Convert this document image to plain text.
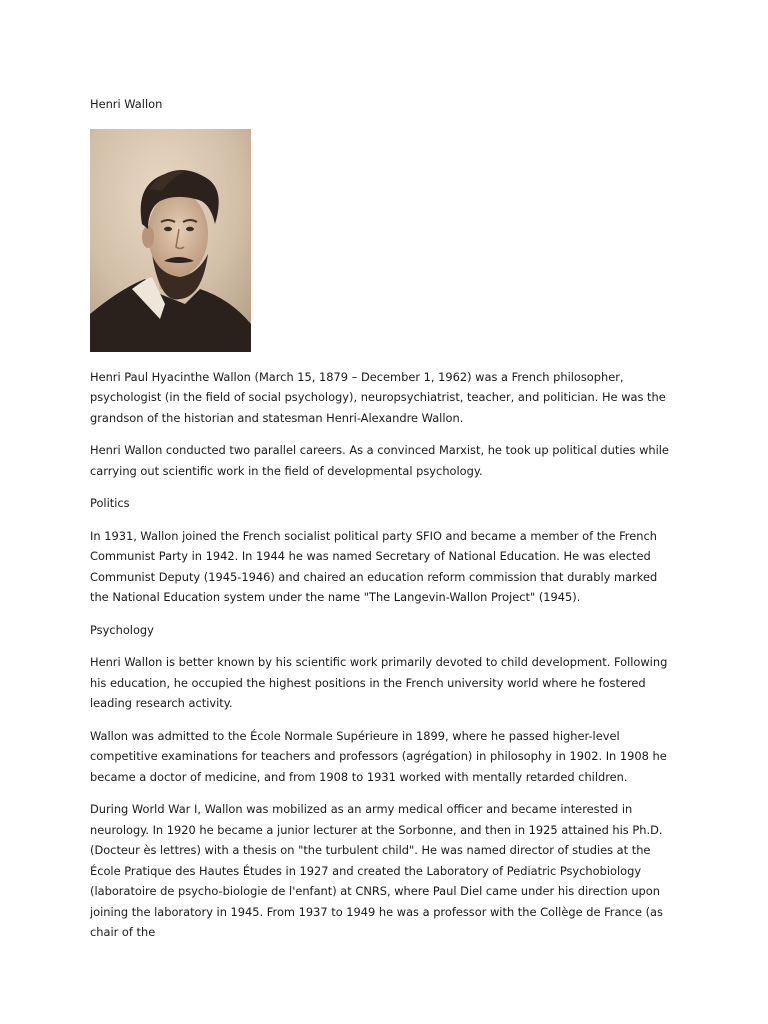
Henri Wallon

Henri Paul Hyacinthe Wallon (March 15, 1879 – December 1, 1962) was a French philosopher, psychologist (in the field of social psychology), neuropsychiatrist, teacher, and politician. He was the grandson of the historian and statesman Henri-Alexandre Wallon.

Henri Wallon conducted two parallel careers. As a convinced Marxist, he took up political duties while carrying out scientific work in the field of developmental psychology.

Politics

In 1931, Wallon joined the French socialist political party SFIO and became a member of the French Communist Party in 1942. In 1944 he was named Secretary of National Education. He was elected Communist Deputy (1945-1946) and chaired an education reform commission that durably marked the National Education system under the name "The Langevin-Wallon Project" (1945).

Psychology

Henri Wallon is better known by his scientific work primarily devoted to child development. Following his education, he occupied the highest positions in the French university world where he fostered leading research activity.

Wallon was admitted to the École Normale Supérieure in 1899, where he passed higher-level competitive examinations for teachers and professors (agrégation) in philosophy in 1902. In 1908 he became a doctor of medicine, and from 1908 to 1931 worked with mentally retarded children.

During World War I, Wallon was mobilized as an army medical officer and became interested in neurology. In 1920 he became a junior lecturer at the Sorbonne, and then in 1925 attained his Ph.D. (Docteur ès lettres) with a thesis on "the turbulent child". He was named director of studies at the École Pratique des Hautes Études in 1927 and created the Laboratory of Pediatric Psychobiology (laboratoire de psycho-biologie de l'enfant) at CNRS, where Paul Diel came under his direction upon joining the laboratory in 1945. From 1937 to 1949 he was a professor with the Collège de France (as chair of the
